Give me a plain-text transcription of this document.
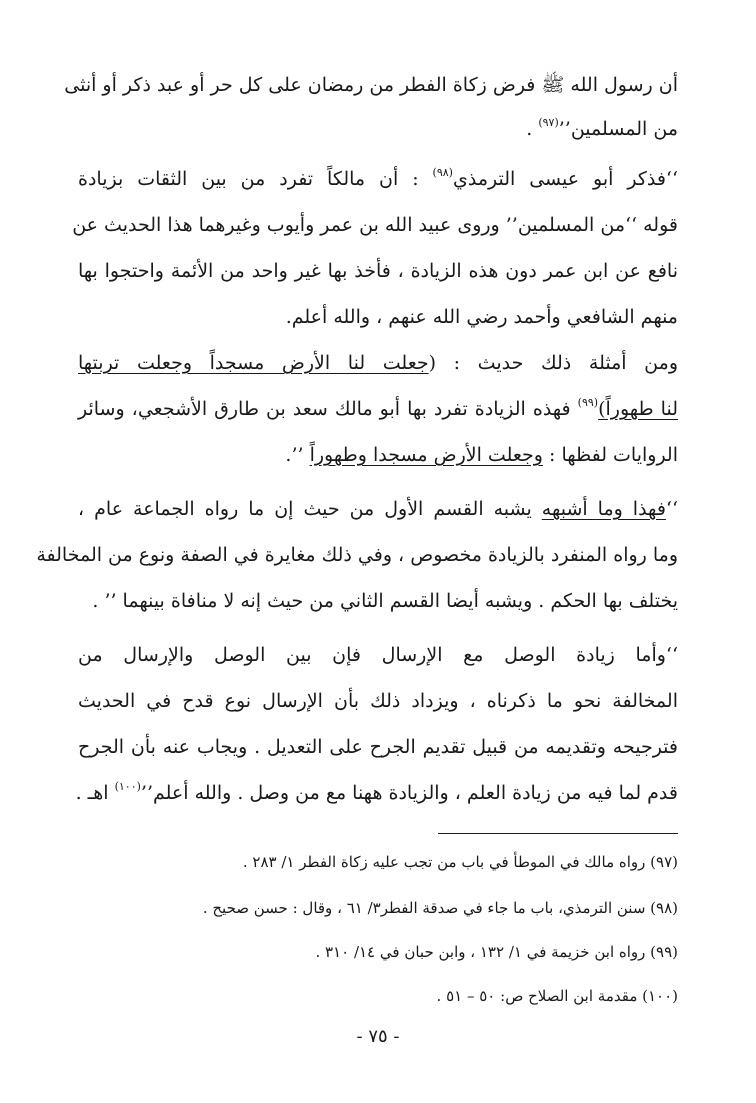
أن رسول الله ﷺ فرض زكاة الفطر من رمضان على كل حر أو عبد ذكر أو أنثى
من المسلمين’’$^{(٩٧)}$ .
‘‘فذكر أبو عيسى الترمذي$^{(٩٨)}$ : أن مالكاً تفرد من بين الثقات بزيادة
قوله ‘‘من المسلمين’’ وروى عبيد الله بن عمر وأيوب وغيرهما هذا الحديث عن
نافع عن ابن عمر دون هذه الزيادة ، فأخذ بها غير واحد من الأئمة واحتجوا بها
منهم الشافعي وأحمد رضي الله عنهم ، والله أعلم.
ومن أمثلة ذلك حديث : (جعلت لنا الأرض مسجداً وجعلت تربتها
لنا طهوراً)$^{(٩٩)}$ فهذه الزيادة تفرد بها أبو مالك سعد بن طارق الأشجعي، وسائر
الروايات لفظها : وجعلت الأرض مسجدا وطهوراً ’’.
‘‘فهذا وما أشبهه يشبه القسم الأول من حيث إن ما رواه الجماعة عام ،
وما رواه المنفرد بالزيادة مخصوص ، وفي ذلك مغايرة في الصفة ونوع من المخالفة
يختلف بها الحكم . ويشبه أيضا القسم الثاني من حيث إنه لا منافاة بينهما ’’ .
‘‘وأما زيادة الوصل مع الإرسال فإن بين الوصل والإرسال من
المخالفة نحو ما ذكرناه ، ويزداد ذلك بأن الإرسال نوع قدح في الحديث
فترجيحه وتقديمه من قبيل تقديم الجرح على التعديل . ويجاب عنه بأن الجرح
قدم لما فيه من زيادة العلم ، والزيادة ههنا مع من وصل . والله أعلم’’$^{(١٠٠)}$ اهـ .
(٩٧) رواه مالك في الموطأ في باب من تجب عليه زكاة الفطر ١/ ٢٨٣ .
(٩٨) سنن الترمذي، باب ما جاء في صدقة الفطر٣/ ٦١ ، وقال : حسن صحيح .
(٩٩) رواه ابن خزيمة في ١/ ١٣٢ ، وابن حبان في ١٤/ ٣١٠ .
(١٠٠) مقدمة ابن الصلاح ص: ٥٠ – ٥١ .
- ٧٥ -
